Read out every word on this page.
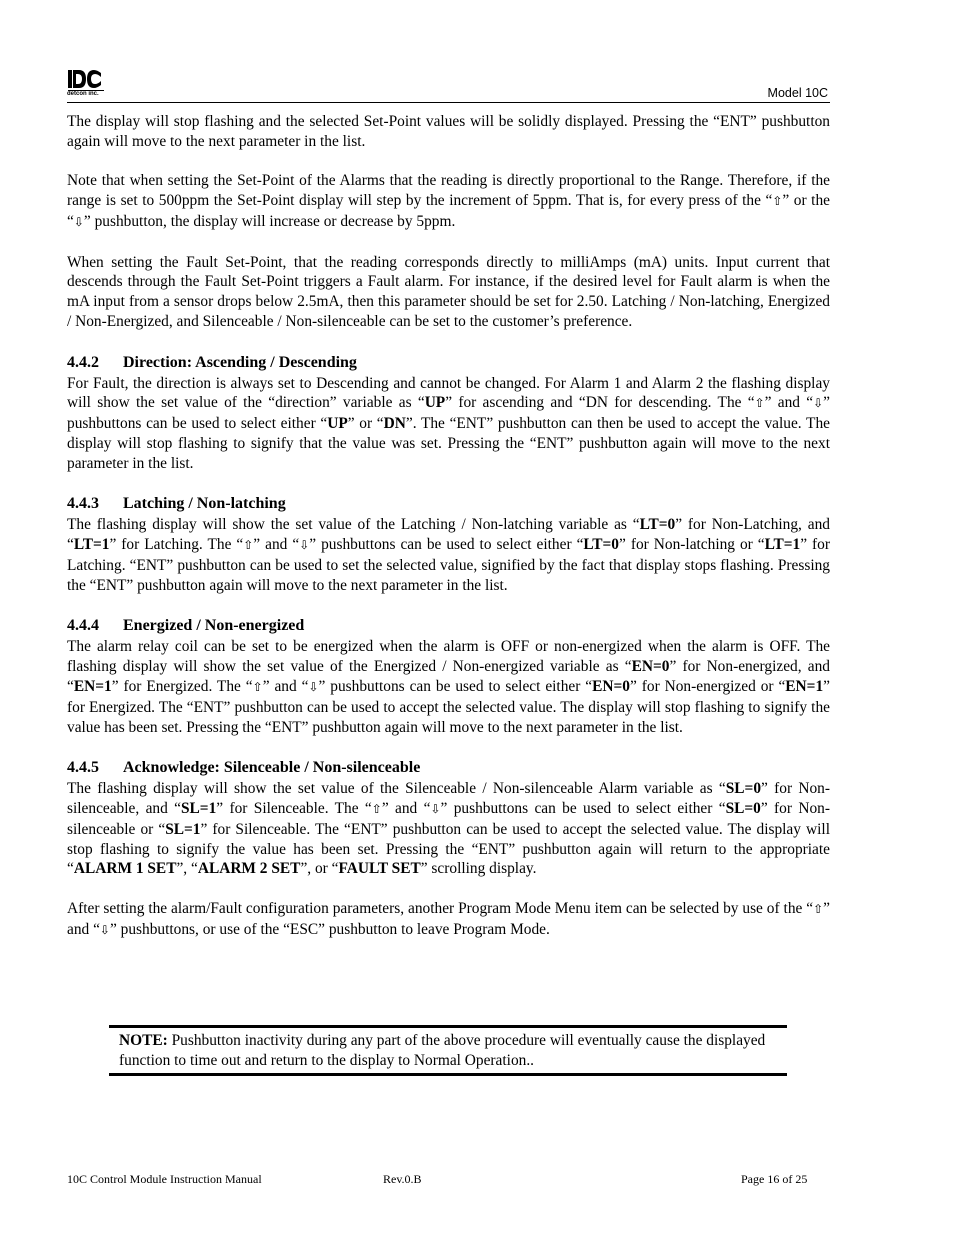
detcon inc.	Model 10C

The display will stop flashing and the selected Set-Point values will be solidly displayed. Pressing the “ENT” pushbutton again will move to the next parameter in the list.

Note that when setting the Set-Point of the Alarms that the reading is directly proportional to the Range. Therefore, if the range is set to 500ppm the Set-Point display will step by the increment of 5ppm. That is, for every press of the “⇧” or the “⇩” pushbutton, the display will increase or decrease by 5ppm.

When setting the Fault Set-Point, that the reading corresponds directly to milliAmps (mA) units. Input current that descends through the Fault Set-Point triggers a Fault alarm. For instance, if the desired level for Fault alarm is when the mA input from a sensor drops below 2.5mA, then this parameter should be set for 2.50. Latching / Non-latching, Energized / Non-Energized, and Silenceable / Non-silenceable can be set to the customer’s preference.

4.4.2 Direction: Ascending / Descending

For Fault, the direction is always set to Descending and cannot be changed. For Alarm 1 and Alarm 2 the flashing display will show the set value of the “direction” variable as “UP” for ascending and “DN for descending. The “⇧” and “⇩” pushbuttons can be used to select either “UP” or “DN”. The “ENT” pushbutton can then be used to accept the value. The display will stop flashing to signify that the value was set. Pressing the “ENT” pushbutton again will move to the next parameter in the list.

4.4.3 Latching / Non-latching

The flashing display will show the set value of the Latching / Non-latching variable as “LT=0” for Non-Latching, and “LT=1” for Latching. The “⇧” and “⇩” pushbuttons can be used to select either “LT=0” for Non-latching or “LT=1” for Latching. “ENT” pushbutton can be used to set the selected value, signified by the fact that display stops flashing. Pressing the “ENT” pushbutton again will move to the next parameter in the list.

4.4.4 Energized / Non-energized

The alarm relay coil can be set to be energized when the alarm is OFF or non-energized when the alarm is OFF. The flashing display will show the set value of the Energized / Non-energized variable as “EN=0” for Non-energized, and “EN=1” for Energized. The “⇧” and “⇩” pushbuttons can be used to select either “EN=0” for Non-energized or “EN=1” for Energized. The “ENT” pushbutton can be used to accept the selected value. The display will stop flashing to signify the value has been set. Pressing the “ENT” pushbutton again will move to the next parameter in the list.

4.4.5 Acknowledge: Silenceable / Non-silenceable

The flashing display will show the set value of the Silenceable / Non-silenceable Alarm variable as “SL=0” for Non-silenceable, and “SL=1” for Silenceable. The “⇧” and “⇩” pushbuttons can be used to select either “SL=0” for Non-silenceable or “SL=1” for Silenceable. The “ENT” pushbutton can be used to accept the selected value. The display will stop flashing to signify the value has been set. Pressing the “ENT” pushbutton again will return to the appropriate “ALARM 1 SET”, “ALARM 2 SET”, or “FAULT SET” scrolling display.

After setting the alarm/Fault configuration parameters, another Program Mode Menu item can be selected by use of the “⇧” and “⇩” pushbuttons, or use of the “ESC” pushbutton to leave Program Mode.

NOTE: Pushbutton inactivity during any part of the above procedure will eventually cause the displayed function to time out and return to the display to Normal Operation..
10C Control Module Instruction Manual	Rev.0.B	Page 16 of 25
